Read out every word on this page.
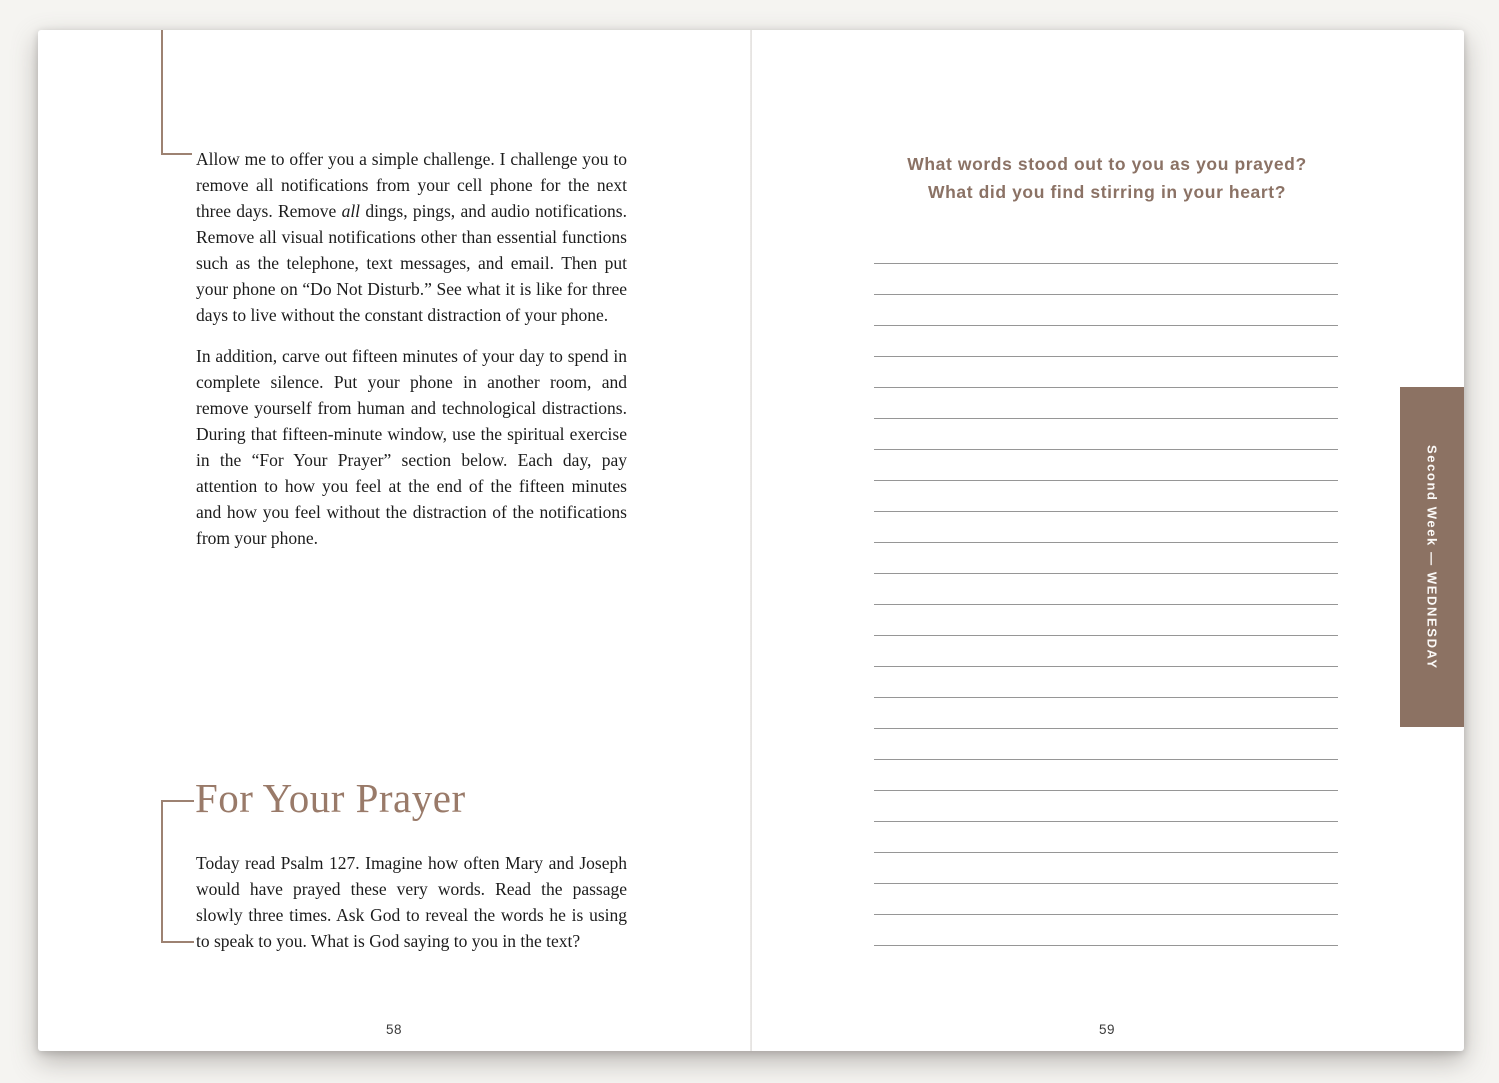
Allow me to offer you a simple challenge. I challenge you to remove all notifications from your cell phone for the next three days. Remove all dings, pings, and audio notifications. Remove all visual notifications other than essential functions such as the telephone, text messages, and email. Then put your phone on “Do Not Disturb.” See what it is like for three days to live without the constant distraction of your phone.

In addition, carve out fifteen minutes of your day to spend in complete silence. Put your phone in another room, and remove yourself from human and technological distractions. During that fifteen-minute window, use the spiritual exercise in the “For Your Prayer” section below. Each day, pay attention to how you feel at the end of the fifteen minutes and how you feel without the distraction of the notifications from your phone.

For Your Prayer

Today read Psalm 127. Imagine how often Mary and Joseph would have prayed these very words. Read the passage slowly three times. Ask God to reveal the words he is using to speak to you. What is God saying to you in the text?

58
What words stood out to you as you prayed?
What did you find stirring in your heart?
59
Second Week — WEDNESDAY
